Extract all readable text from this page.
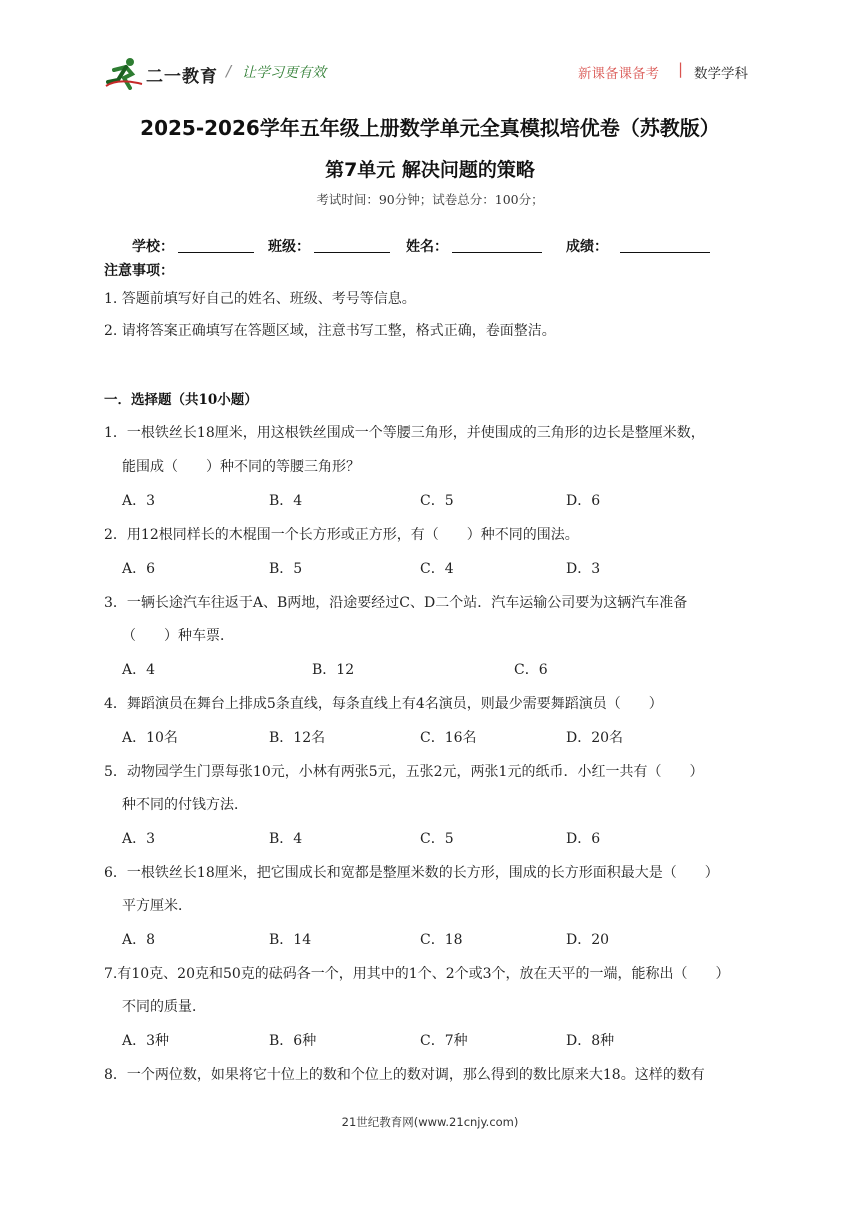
二一教育 / 让学习更有效	新课备课备考 | 数学学科
2025-2026学年五年级上册数学单元全真模拟培优卷（苏教版）
第7单元 解决问题的策略
考试时间：90分钟；试卷总分：100分；
学校：	班级：	姓名：	成绩：
注意事项：
1. 答题前填写好自己的姓名、班级、考号等信息。
2. 请将答案正确填写在答题区域，注意书写工整，格式正确，卷面整洁。
一．选择题（共10小题）
1．一根铁丝长18厘米，用这根铁丝围成一个等腰三角形，并使围成的三角形的边长是整厘米数，
能围成（　　）种不同的等腰三角形？
A．3	B．4	C．5	D．6
2．用12根同样长的木棍围一个长方形或正方形，有（　　）种不同的围法。
A．6	B．5	C．4	D．3
3．一辆长途汽车往返于A、B两地，沿途要经过C、D二个站．汽车运输公司要为这辆汽车准备
（　　）种车票．
A．4	B．12	C．6
4．舞蹈演员在舞台上排成5条直线，每条直线上有4名演员，则最少需要舞蹈演员（　　）
A．10名	B．12名	C．16名	D．20名
5．动物园学生门票每张10元，小林有两张5元，五张2元，两张1元的纸币．小红一共有（　　）
种不同的付钱方法．
A．3	B．4	C．5	D．6
6．一根铁丝长18厘米，把它围成长和宽都是整厘米数的长方形，围成的长方形面积最大是（　　）
平方厘米．
A．8	B．14	C．18	D．20
7.有10克、20克和50克的砝码各一个，用其中的1个、2个或3个，放在天平的一端，能称出（　　）
不同的质量．
A．3种	B．6种	C．7种	D．8种
8．一个两位数，如果将它十位上的数和个位上的数对调，那么得到的数比原来大18。这样的数有
21世纪教育网(www.21cnjy.com)
